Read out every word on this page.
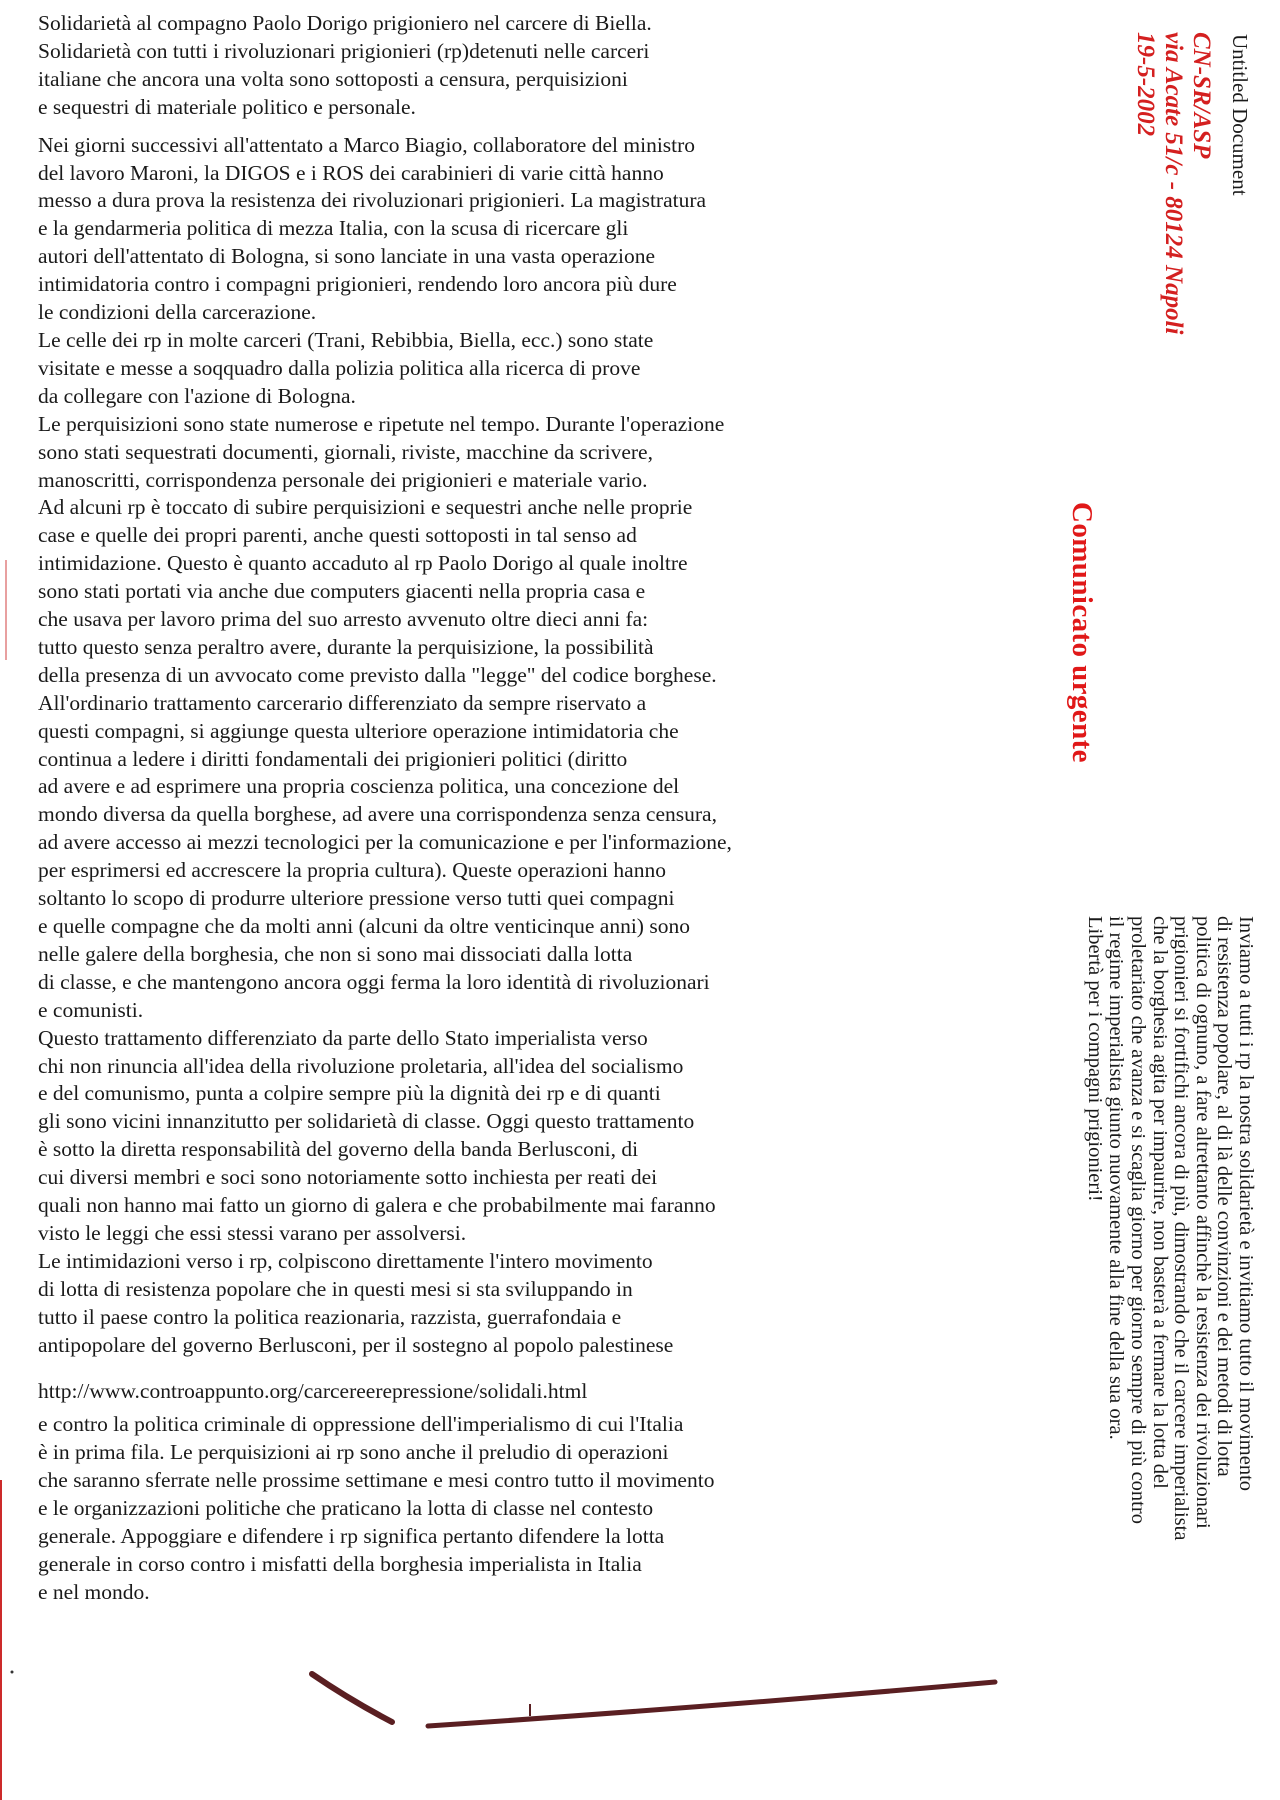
Solidarietà al compagno Paolo Dorigo prigioniero nel carcere di Biella.
Solidarietà con tutti i rivoluzionari prigionieri (rp)detenuti nelle carceri
italiane che ancora una volta sono sottoposti a censura, perquisizioni
e sequestri di materiale politico e personale.
Nei giorni successivi all'attentato a Marco Biagio, collaboratore del ministro
del lavoro Maroni, la DIGOS e i ROS dei carabinieri di varie città hanno
messo a dura prova la resistenza dei rivoluzionari prigionieri. La magistratura
e la gendarmeria politica di mezza Italia, con la scusa di ricercare gli
autori dell'attentato di Bologna, si sono lanciate in una vasta operazione
intimidatoria contro i compagni prigionieri, rendendo loro ancora più dure
le condizioni della carcerazione.
Le celle dei rp in molte carceri (Trani, Rebibbia, Biella, ecc.) sono state
visitate e messe a soqquadro dalla polizia politica alla ricerca di prove
da collegare con l'azione di Bologna.
Le perquisizioni sono state numerose e ripetute nel tempo. Durante l'operazione
sono stati sequestrati documenti, giornali, riviste, macchine da scrivere,
manoscritti, corrispondenza personale dei prigionieri e materiale vario.
Ad alcuni rp è toccato di subire perquisizioni e sequestri anche nelle proprie
case e quelle dei propri parenti, anche questi sottoposti in tal senso ad
intimidazione. Questo è quanto accaduto al rp Paolo Dorigo al quale inoltre
sono stati portati via anche due computers giacenti nella propria casa e
che usava per lavoro prima del suo arresto avvenuto oltre dieci anni fa:
tutto questo senza peraltro avere, durante la perquisizione, la possibilità
della presenza di un avvocato come previsto dalla "legge" del codice borghese.
All'ordinario trattamento carcerario differenziato da sempre riservato a
questi compagni, si aggiunge questa ulteriore operazione intimidatoria che
continua a ledere i diritti fondamentali dei prigionieri politici (diritto
ad avere e ad esprimere una propria coscienza politica, una concezione del
mondo diversa da quella borghese, ad avere una corrispondenza senza censura,
ad avere accesso ai mezzi tecnologici per la comunicazione e per l'informazione,
per esprimersi ed accrescere la propria cultura). Queste operazioni hanno
soltanto lo scopo di produrre ulteriore pressione verso tutti quei compagni
e quelle compagne che da molti anni (alcuni da oltre venticinque anni) sono
nelle galere della borghesia, che non si sono mai dissociati dalla lotta
di classe, e che mantengono ancora oggi ferma la loro identità di rivoluzionari
e comunisti.
Questo trattamento differenziato da parte dello Stato imperialista verso
chi non rinuncia all'idea della rivoluzione proletaria, all'idea del socialismo
e del comunismo, punta a colpire sempre più la dignità dei rp e di quanti
gli sono vicini innanzitutto per solidarietà di classe. Oggi questo trattamento
è sotto la diretta responsabilità del governo della banda Berlusconi, di
cui diversi membri e soci sono notoriamente sotto inchiesta per reati dei
quali non hanno mai fatto un giorno di galera e che probabilmente mai faranno
visto le leggi che essi stessi varano per assolversi.
Le intimidazioni verso i rp, colpiscono direttamente l'intero movimento
di lotta di resistenza popolare che in questi mesi si sta sviluppando in
tutto il paese contro la politica reazionaria, razzista, guerrafondaia e
antipopolare del governo Berlusconi, per il sostegno al popolo palestinese
http://www.controappunto.org/carcereerepressione/solidali.html
e contro la politica criminale di oppressione dell'imperialismo di cui l'Italia
è in prima fila. Le perquisizioni ai rp sono anche il preludio di operazioni
che saranno sferrate nelle prossime settimane e mesi contro tutto il movimento
e le organizzazioni politiche che praticano la lotta di classe nel contesto
generale. Appoggiare e difendere i rp significa pertanto difendere la lotta
generale in corso contro i misfatti della borghesia imperialista in Italia
e nel mondo.
Untitled Document
CN-SR/ASP
via Acate 51/c - 80124 Napoli
19-5-2002
Comunicato urgente
Inviamo a tutti i rp la nostra solidarietà e invitiamo tutto il movimento
di resistenza popolare, al di là delle convinzioni e dei metodi di lotta
politica di ognuno, a fare altrettanto affinchè la resistenza dei rivoluzionari
prigionieri si fortifichi ancora di più, dimostrando che il carcere imperialista
che la borghesia agita per impaurire, non basterà a fermare la lotta del
proletariato che avanza e si scaglia giorno per giorno sempre di più contro
il regime imperialista giunto nuovamente alla fine della sua ora.
Libertà per i compagni prigionieri!
